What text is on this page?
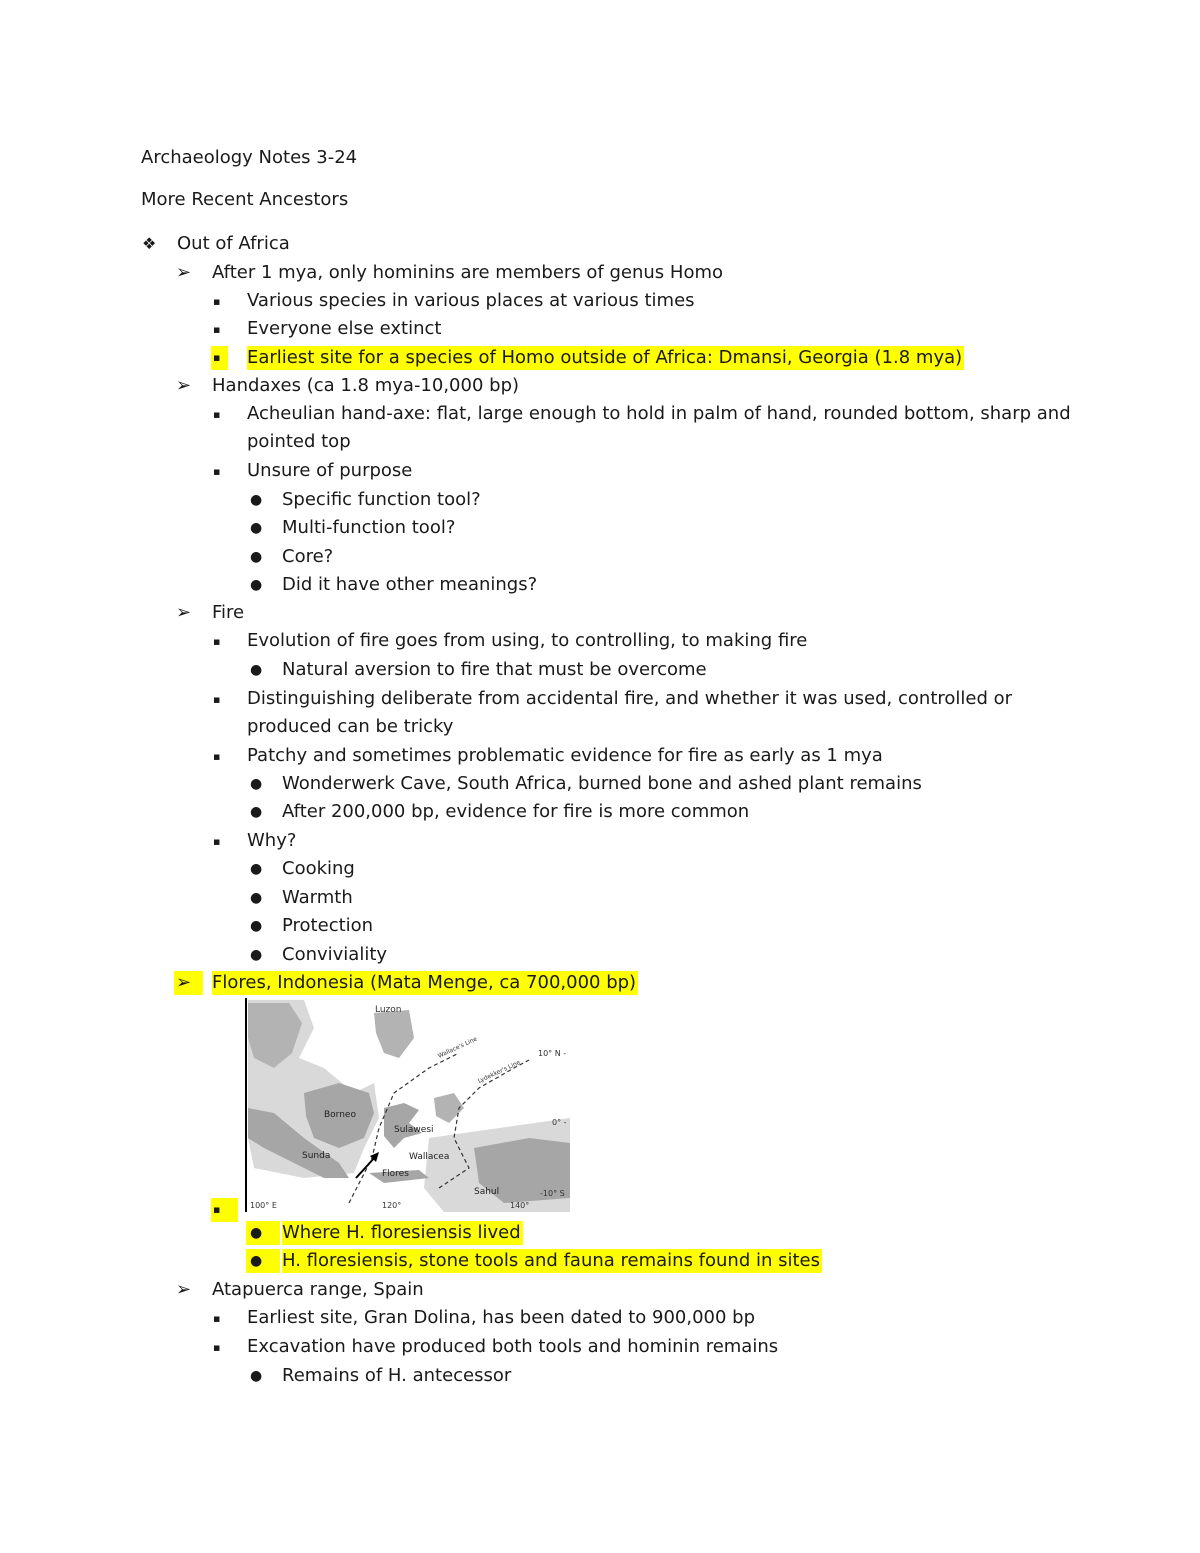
Archaeology Notes 3-24
More Recent Ancestors
❖ Out of Africa
➢ After 1 mya, only hominins are members of genus Homo
▪ Various species in various places at various times
▪ Everyone else extinct
▪	Earliest site for a species of Homo outside of Africa: Dmansi, Georgia (1.8 mya)
➢ Handaxes (ca 1.8 mya-10,000 bp)
▪ Acheulian hand-axe: flat, large enough to hold in palm of hand, rounded bottom, sharp and
pointed top
▪ Unsure of purpose
● Specific function tool?
● Multi-function tool?
● Core?
● Did it have other meanings?
➢ Fire
▪ Evolution of fire goes from using, to controlling, to making fire
● Natural aversion to fire that must be overcome
▪ Distinguishing deliberate from accidental fire, and whether it was used, controlled or
produced can be tricky
▪ Patchy and sometimes problematic evidence for fire as early as 1 mya
● Wonderwerk Cave, South Africa, burned bone and ashed plant remains
● After 200,000 bp, evidence for fire is more common
▪ Why?
● Cooking
● Warmth
● Protection
● Conviviality
➢	Flores, Indonesia (Mata Menge, ca 700,000 bp)
Luzon
10° N -
Borneo
Sulawesi
0° -
Sunda	Wallacea
Flores
Sahul	-10° S
100° E	120°	140°
Wallace's Line
Lydekker's Line
▪
●	Where H. floresiensis lived
●	H. floresiensis, stone tools and fauna remains found in sites
➢ Atapuerca range, Spain
▪ Earliest site, Gran Dolina, has been dated to 900,000 bp
▪ Excavation have produced both tools and hominin remains
● Remains of H. antecessor
